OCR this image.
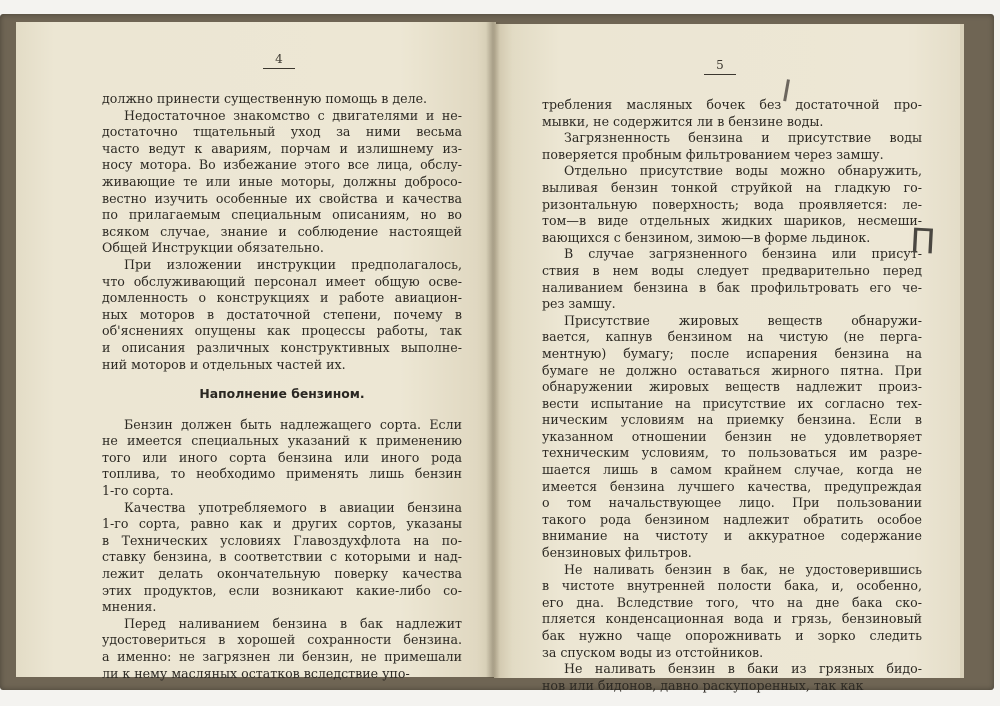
4
должно принести существенную помощь в деле.
Недостаточное знакомство с двигателями и не-
достаточно тщательный уход за ними весьма
часто ведут к авариям, порчам и излишнему из-
носу мотора. Во избежание этого все лица, обслу-
живающие те или иные моторы, должны добросо-
вестно изучить особенные их свойства и качества
по прилагаемым специальным описаниям, но во
всяком случае, знание и соблюдение настоящей
Общей Инструкции обязательно.
При изложении инструкции предполагалось,
что обслуживающий персонал имеет общую осве-
домленность о конструкциях и работе авиацион-
ных моторов в достаточной степени, почему в
об'яснениях опущены как процессы работы, так
и описания различных конструктивных выполне-
ний моторов и отдельных частей их.
Наполнение бензином.
Бензин должен быть надлежащего сорта. Если
не имеется специальных указаний к применению
того или иного сорта бензина или иного рода
топлива, то необходимо применять лишь бензин
1-го сорта.
Качества употребляемого в авиации бензина
1-го сорта, равно как и других сортов, указаны
в Технических условиях Главоздухфлота на по-
ставку бензина, в соответствии с которыми и над-
лежит делать окончательную поверку качества
этих продуктов, если возникают какие-либо со-
мнения.
Перед наливанием бензина в бак надлежит
удостовериться в хорошей сохранности бензина.
а именно: не загрязнен ли бензин, не примешали
ли к нему масляных остатков вследствие упо-
5
требления масляных бочек без достаточной про-
мывки, не содержится ли в бензине воды.
Загрязненность бензина и присутствие воды
поверяется пробным фильтрованием через замшу.
Отдельно присутствие воды можно обнаружить,
выливая бензин тонкой струйкой на гладкую го-
ризонтальную поверхность; вода проявляется: ле-
том—в виде отдельных жидких шариков, несмеши-
вающихся с бензином, зимою—в форме льдинок.
В случае загрязненного бензина или присут-
ствия в нем воды следует предварительно перед
наливанием бензина в бак профильтровать его че-
рез замшу.
Присутствие жировых веществ обнаружи-
вается, капнув бензином на чистую (не перга-
ментную) бумагу; после испарения бензина на
бумаге не должно оставаться жирного пятна. При
обнаружении жировых веществ надлежит произ-
вести испытание на присутствие их согласно тех-
ническим условиям на приемку бензина. Если в
указанном отношении бензин не удовлетворяет
техническим условиям, то пользоваться им разре-
шается лишь в самом крайнем случае, когда не
имеется бензина лучшего качества, предупреждая
о том начальствующее лицо. При пользовании
такого рода бензином надлежит обратить особое
внимание на чистоту и аккуратное содержание
бензиновых фильтров.
Не наливать бензин в бак, не удостоверившись
в чистоте внутренней полости бака, и, особенно,
его дна. Вследствие того, что на дне бака ско-
пляется конденсационная вода и грязь, бензиновый
бак нужно чаще опорожнивать и зорко следить
за спуском воды из отстойников.
Не наливать бензин в баки из грязных бидо-
нов или бидонов, давно раскупоренных, так как
П
